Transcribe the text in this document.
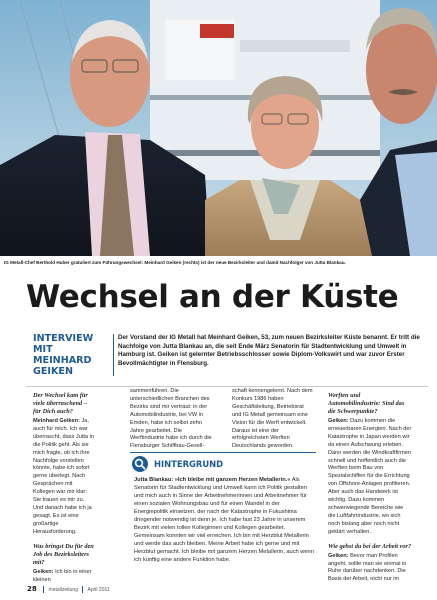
IG Metall-Chef Berthold Huber gratuliert zum Führungswechsel: Meinhard Geiken (rechts) ist der neue Bezirksleiter und damit Nachfolger von Jutta Blankau.
Wechsel an der Küste
INTERVIEW MIT MEINHARD GEIKEN
Der Vorstand der IG Metall hat Meinhard Geiken, 53, zum neuen Bezirksleiter Küste benannt. Er tritt die Nachfolge von Jutta Blankau an, die seit Ende März Senatorin für Stadtentwicklung und Umwelt in Hamburg ist. Geiken ist gelernter Betriebsschlosser sowie Diplom-Volkswirt und war zuvor Erster Bevollmächtigter in Flensburg.

Der Wechsel kam für viele überraschend – für Dich auch?

Meinhard Geiken: Ja, auch für mich. Ich war überrascht, dass Jutta in die Politik geht. Als sie mich fragte, ob ich ihre Nachfolge vorstellen könnte, habe ich sofort gerne überlegt. Nach Gesprächen mit Kollegen war mir klar: Sie trauen es mir zu. Und danach habe ich ja gesagt. Es ist eine großartige Herausforderung.

Was bringst Du für den Job des Bezirksleiters mit?

Geiken: Ich bin in einer kleinen

sammenführen. Die unterschiedlichen Branchen des Bezirks sind mir vertraut: in der Automobilindustrie, bei VW in Emden, habe ich selbst zehn Jahre gearbeitet. Die Werftindustrie habe ich durch die Flensburger Schiffbau-Gesell-

schaft kennengelernt. Nach dem Konkurs 1986 haben Geschäftsleitung, Betriebsrat und IG Metall gemeinsam eine Vision für die Werft entwickelt. Daraus ist eine der erfolgreichsten Werften Deutschlands geworden.

Werften und Automobilindustrie: Sind das die Schwerpunkte?

Geiken: Dazu kommen die erneuerbaren Energien. Nach der Katastrophe in Japan werden wir da einen Aufschwung erleben. Dann werden die Windkraftfirmen schnell und hoffentlich auch die Werften beim Bau von Spezialschiffen für die Errichtung von Offshore-Anlagen profitieren. Aber auch das Handwerk ist wichtig. Dazu kommen schwerwiegende Bereiche wie die Luftfahrtindustrie, wo sich noch bislang aber noch nicht geklärt verhalten.

Wie gehst du bei der Arbeit vor?

Geiken: Bevor man Profilen angeht, sollte man sie einmal in Ruhe darüber nachdenken. Die Basis der Arbeit, nicht nur im

HINTERGRUND
Jutta Blankau: »Ich bleibe mit ganzem Herzen Metallerin.« Als Senatorin für Stadtentwicklung und Umwelt kann ich Politik gestalten und mich auch in Sinne der Arbeitnehmerinnen und Arbeitnehmer für einen sozialen Wohnungsbau und für einen Wandel in der Energiepolitik einsetzen, der nach der Katastrophe in Fukushima dringender notwendig ist denn je. Ich habe fast 23 Jahre in unserem Bezirk mit vielen tollen Kolleginnen und Kollegen gearbeitet. Gemeinsam konnten wir viel erreichen. Ich bin mit Herzblut Metallerin und werde das auch bleiben. Meine Arbeit habe ich gerne und mit Herzblut gemacht. Ich bleibe mit ganzem Herzen Metallerin, auch wenn ich künftig eine andere Funktion habe.
28 metallzeitung April 2011
